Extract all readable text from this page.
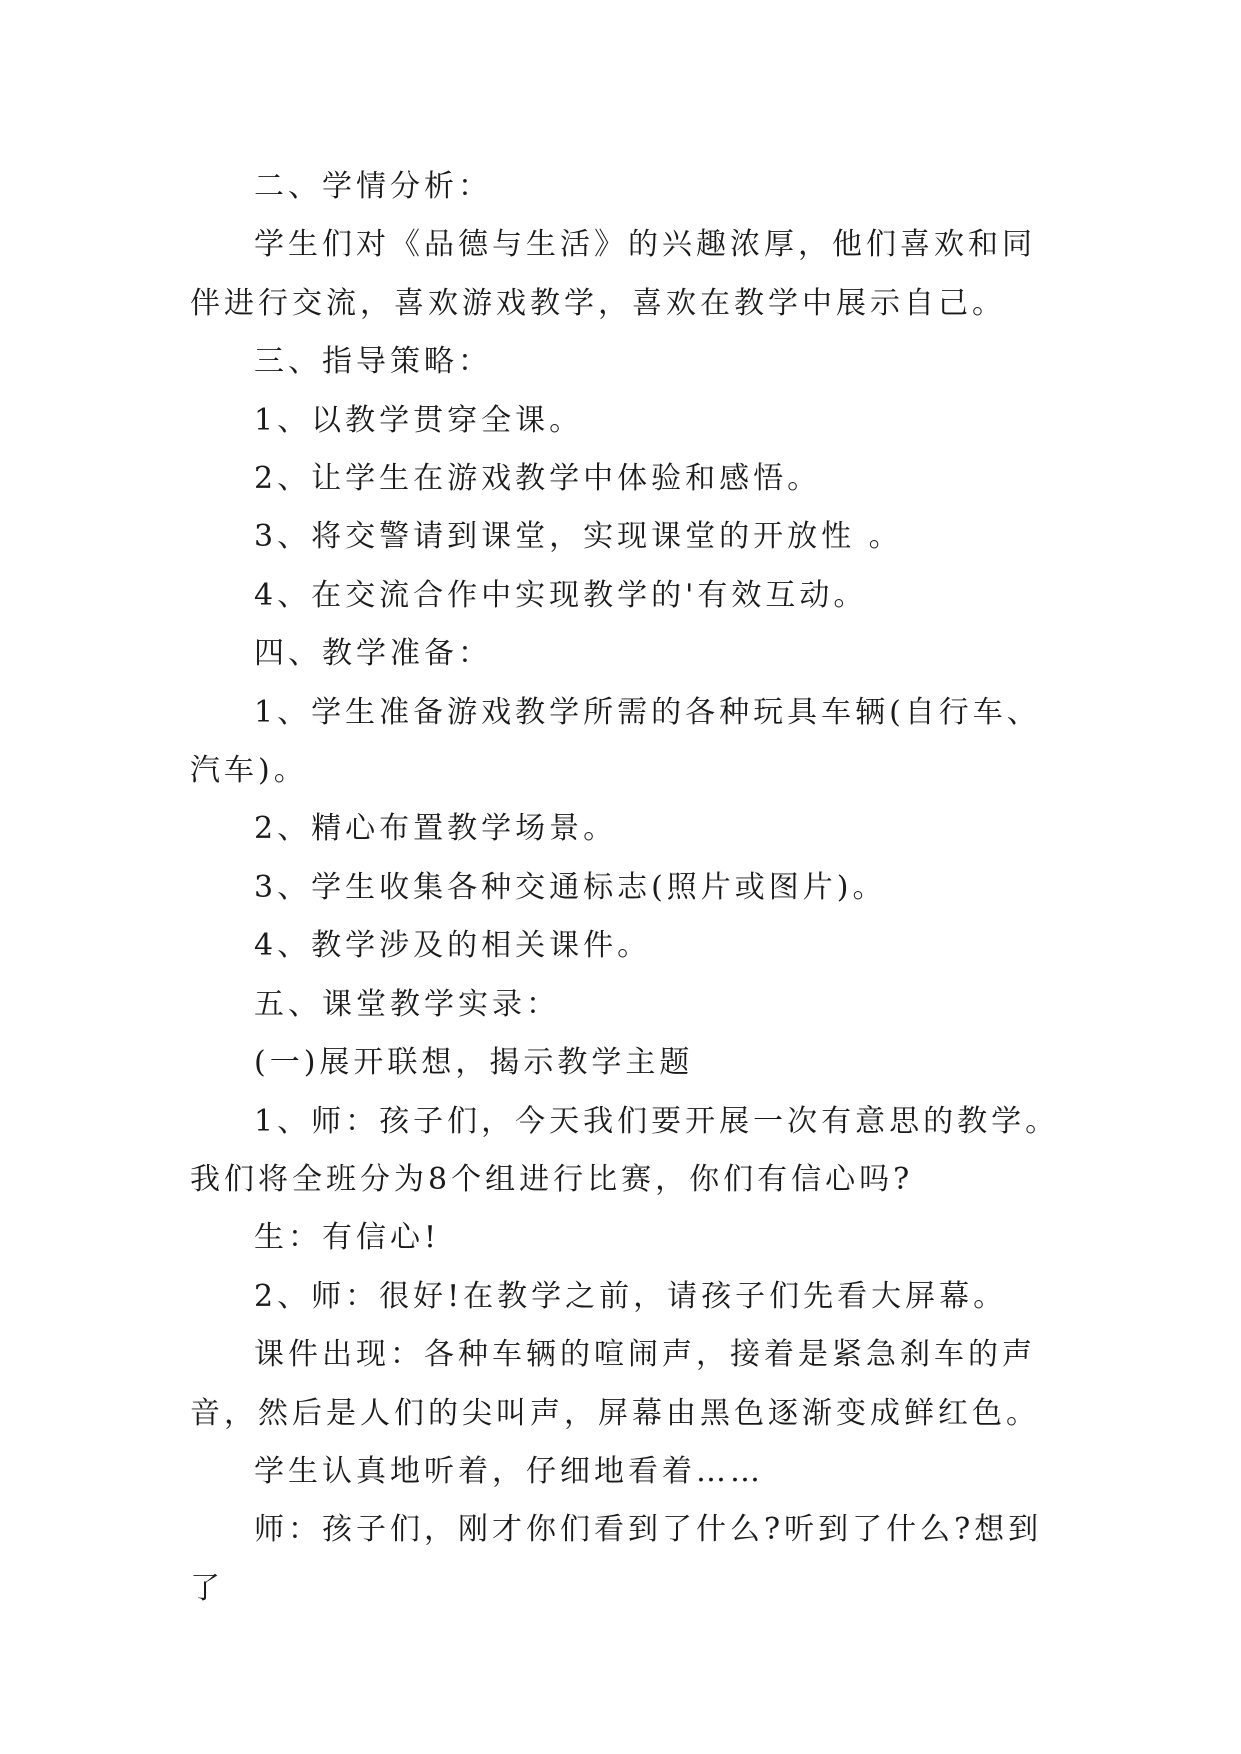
二、学情分析：

学生们对《品德与生活》的兴趣浓厚，他们喜欢和同伴进行交流，喜欢游戏教学，喜欢在教学中展示自己。

三、指导策略：

1、以教学贯穿全课。

2、让学生在游戏教学中体验和感悟。

3、将交警请到课堂，实现课堂的开放性 。

4、在交流合作中实现教学的'有效互动。

四、教学准备：

1、学生准备游戏教学所需的各种玩具车辆(自行车、汽车)。

2、精心布置教学场景。

3、学生收集各种交通标志(照片或图片)。

4、教学涉及的相关课件。

五、课堂教学实录：

(一)展开联想，揭示教学主题

1、师：孩子们，今天我们要开展一次有意思的教学。我们将全班分为8个组进行比赛，你们有信心吗?

生：有信心!

2、师：很好!在教学之前，请孩子们先看大屏幕。

课件出现：各种车辆的喧闹声，接着是紧急刹车的声音，然后是人们的尖叫声，屏幕由黑色逐渐变成鲜红色。

学生认真地听着，仔细地看着……

师：孩子们，刚才你们看到了什么?听到了什么?想到了
